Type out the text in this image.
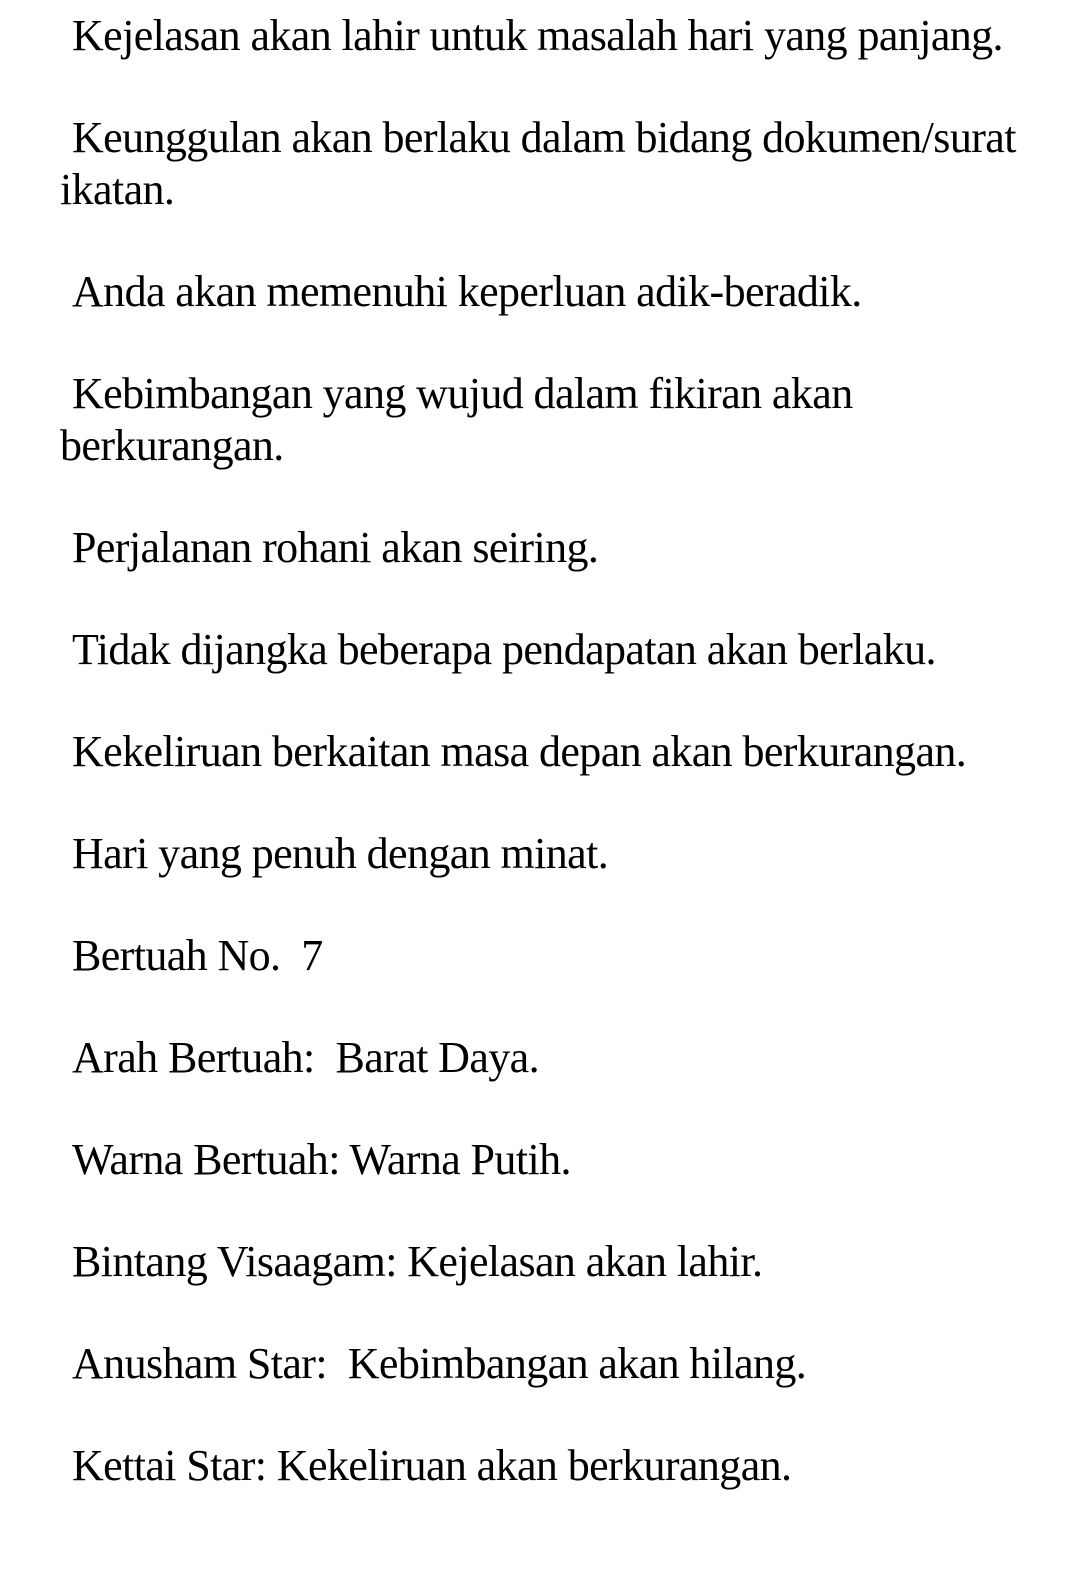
Kejelasan akan lahir untuk masalah hari yang panjang.

Keunggulan akan berlaku dalam bidang dokumen/surat ikatan.

Anda akan memenuhi keperluan adik-beradik.

Kebimbangan yang wujud dalam fikiran akan berkurangan.

Perjalanan rohani akan seiring.

Tidak dijangka beberapa pendapatan akan berlaku.

Kekeliruan berkaitan masa depan akan berkurangan.

Hari yang penuh dengan minat.

Bertuah No.  7

Arah Bertuah:  Barat Daya.

Warna Bertuah: Warna Putih.

Bintang Visaagam: Kejelasan akan lahir.

Anusham Star:  Kebimbangan akan hilang.

Kettai Star: Kekeliruan akan berkurangan.
